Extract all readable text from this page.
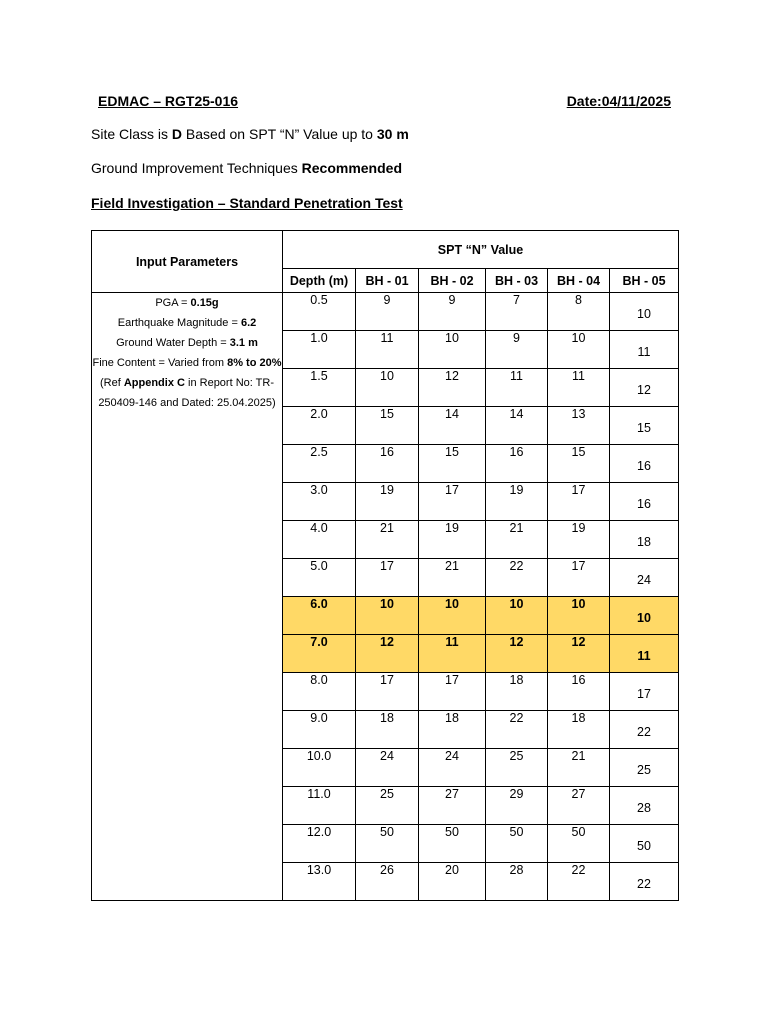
EDMAC – RGT25-016	Date:04/11/2025
Site Class is D Based on SPT “N” Value up to 30 m
Ground Improvement Techniques Recommended
Field Investigation – Standard Penetration Test
Input Parameters	SPT “N” Value					
	Depth (m)	BH - 01	BH - 02	BH - 03	BH - 04	BH - 05

PGA = 0.15g
Earthquake Magnitude = 6.2
Ground Water Depth = 3.1 m
Fine Content = Varied from 8% to 20% (Ref Appendix C in Report No: TR-250409-146 and Dated: 25.04.2025)	0.5	9	9	7	8	10
	1.0	11	10	9	10	11
	1.5	10	12	11	11	12
	2.0	15	14	14	13	15
	2.5	16	15	16	15	16
	3.0	19	17	19	17	16
	4.0	21	19	21	19	18
	5.0	17	21	22	17	24
	6.0	10	10	10	10	10
	7.0	12	11	12	12	11
	8.0	17	17	18	16	17
	9.0	18	18	22	18	22
	10.0	24	24	25	21	25
	11.0	25	27	29	27	28
	12.0	50	50	50	50	50
	13.0	26	20	28	22	22
